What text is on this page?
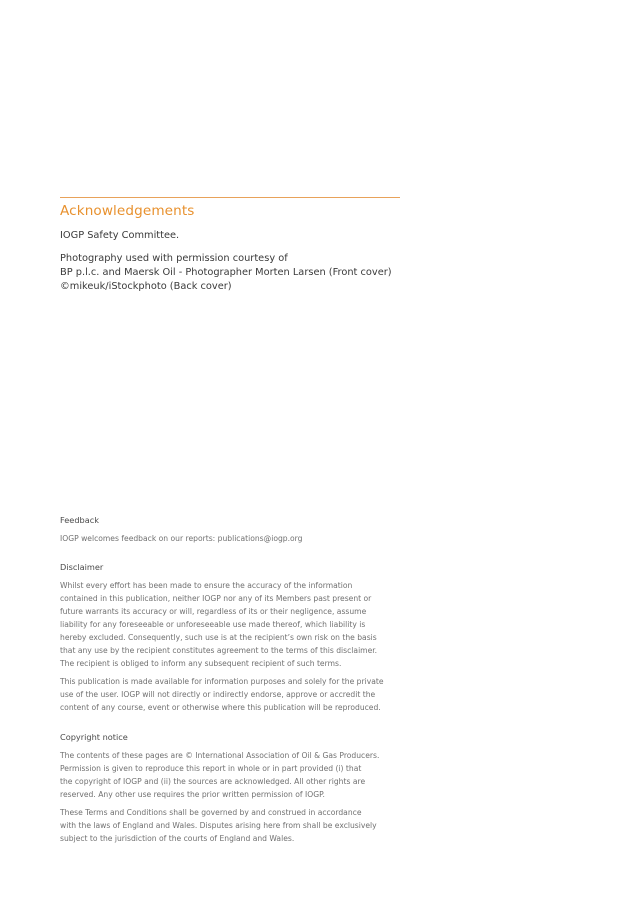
Acknowledgements

IOGP Safety Committee.

Photography used with permission courtesy of

BP p.l.c. and Maersk Oil - Photographer Morten Larsen (Front cover)

©mikeuk/iStockphoto (Back cover)

Feedback

IOGP welcomes feedback on our reports: publications@iogp.org

Disclaimer

Whilst every effort has been made to ensure the accuracy of the information

contained in this publication, neither IOGP nor any of its Members past present or

future warrants its accuracy or will, regardless of its or their negligence, assume

liability for any foreseeable or unforeseeable use made thereof, which liability is

hereby excluded. Consequently, such use is at the recipient’s own risk on the basis

that any use by the recipient constitutes agreement to the terms of this disclaimer.

The recipient is obliged to inform any subsequent recipient of such terms.

This publication is made available for information purposes and solely for the private

use of the user. IOGP will not directly or indirectly endorse, approve or accredit the

content of any course, event or otherwise where this publication will be reproduced.

Copyright notice

The contents of these pages are © International Association of Oil & Gas Producers.

Permission is given to reproduce this report in whole or in part provided (i) that

the copyright of IOGP and (ii) the sources are acknowledged. All other rights are

reserved. Any other use requires the prior written permission of IOGP.

These Terms and Conditions shall be governed by and construed in accordance

with the laws of England and Wales. Disputes arising here from shall be exclusively

subject to the jurisdiction of the courts of England and Wales.
